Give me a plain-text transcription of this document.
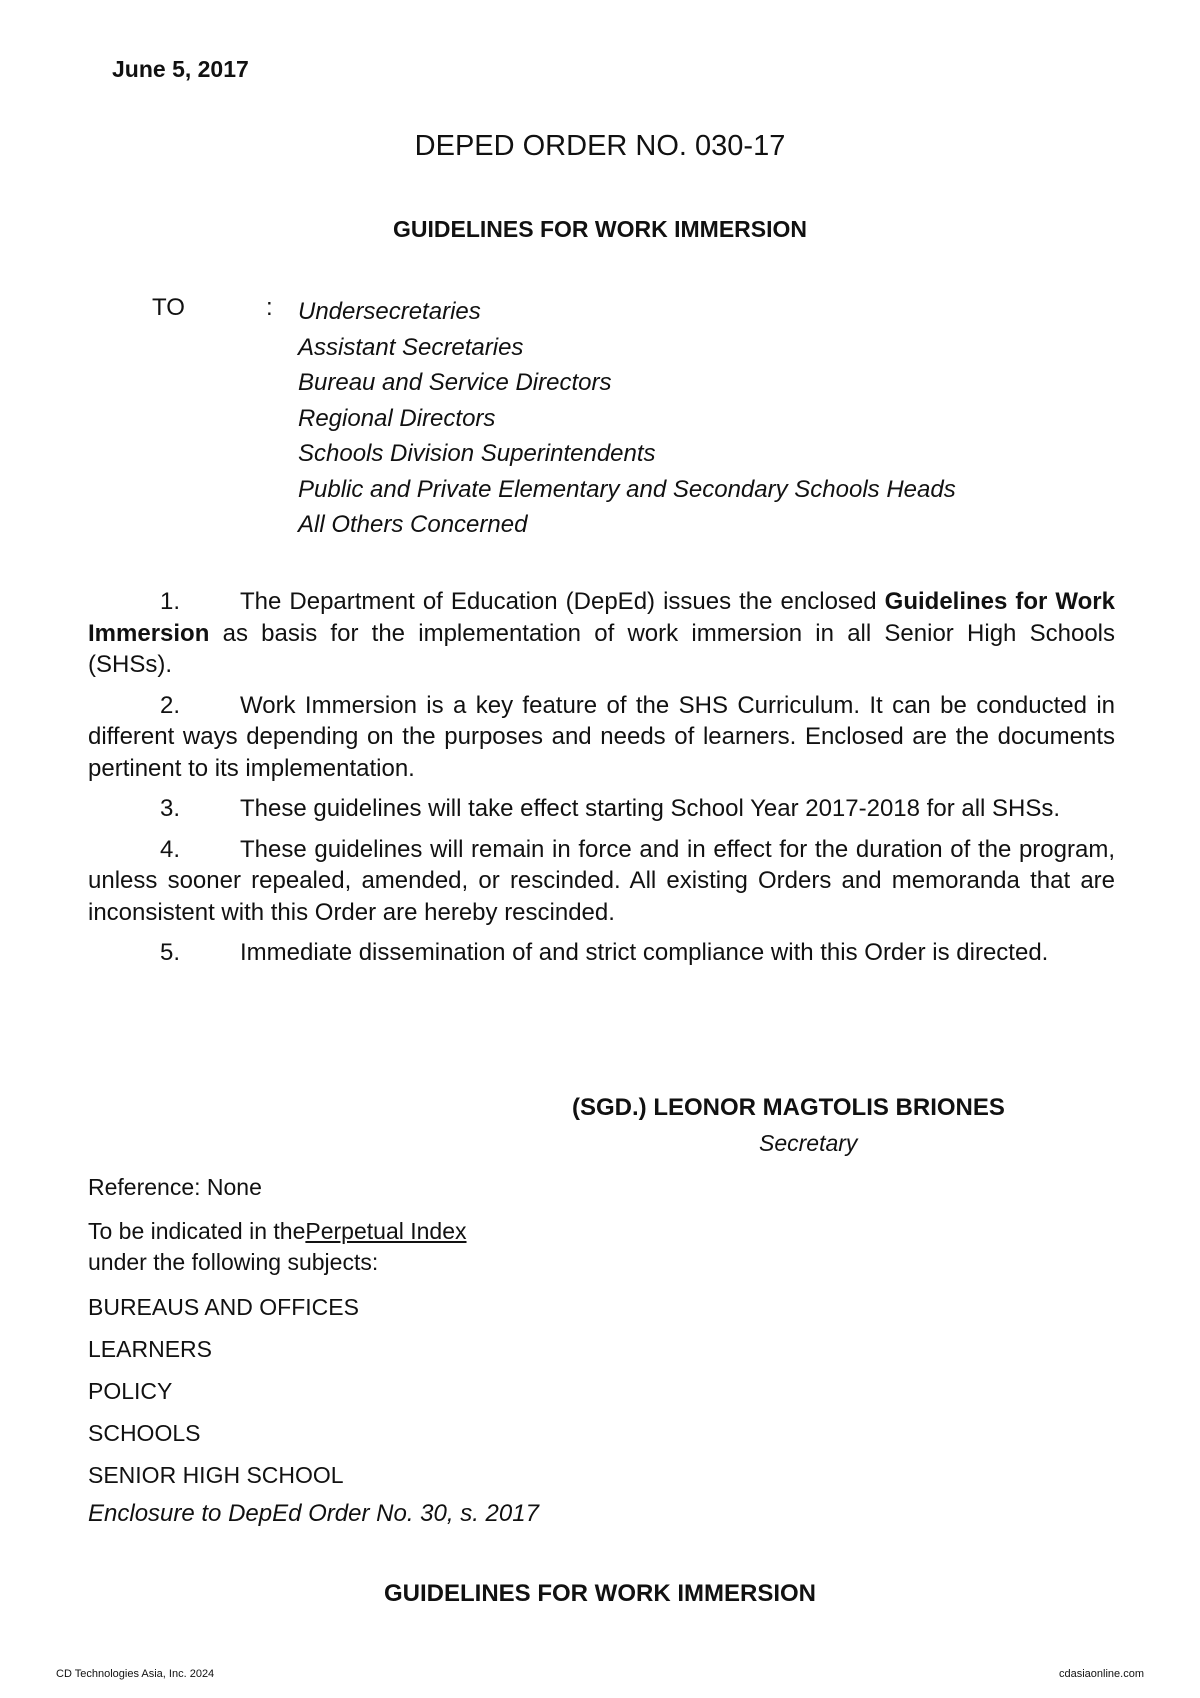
June 5, 2017
DEPED ORDER NO. 030-17
GUIDELINES FOR WORK IMMERSION
TO	: Undersecretaries
Assistant Secretaries
Bureau and Service Directors
Regional Directors
Schools Division Superintendents
Public and Private Elementary and Secondary Schools Heads
All Others Concerned

1. The Department of Education (DepEd) issues the enclosed Guidelines for Work Immersion as basis for the implementation of work immersion in all Senior High Schools (SHSs).

2. Work Immersion is a key feature of the SHS Curriculum. It can be conducted in different ways depending on the purposes and needs of learners. Enclosed are the documents pertinent to its implementation.

3. These guidelines will take effect starting School Year 2017-2018 for all SHSs.

4. These guidelines will remain in force and in effect for the duration of the program, unless sooner repealed, amended, or rescinded. All existing Orders and memoranda that are inconsistent with this Order are hereby rescinded.

5. Immediate dissemination of and strict compliance with this Order is directed.

(SGD.) LEONOR MAGTOLIS BRIONES
Secretary
Reference: None
To be indicated in thePerpetual Index
under the following subjects:
BUREAUS AND OFFICES
LEARNERS
POLICY
SCHOOLS
SENIOR HIGH SCHOOL
Enclosure to DepEd Order No. 30, s. 2017
GUIDELINES FOR WORK IMMERSION
CD Technologies Asia, Inc. 2024	cdasiaonline.com
